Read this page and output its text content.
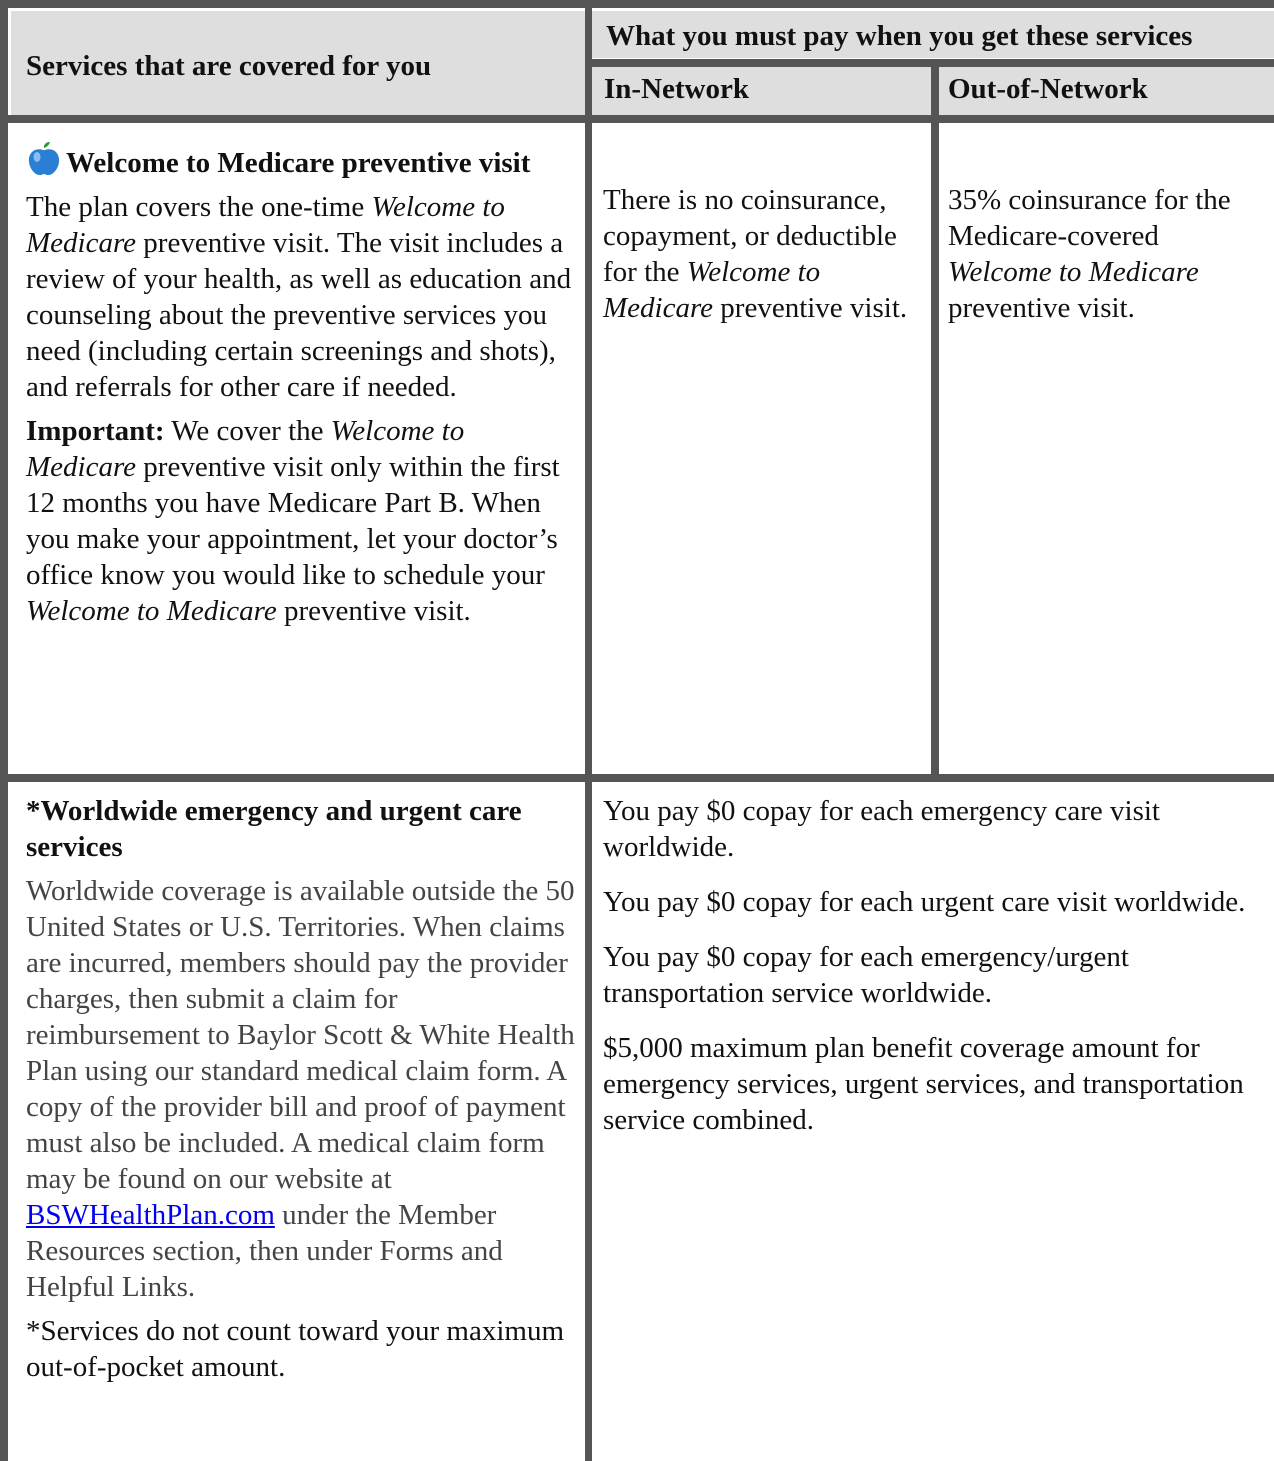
Services that are covered for you
What you must pay when you get these services
In-Network	Out-of-Network

Welcome to Medicare preventive visit

The plan covers the one-time Welcome to Medicare preventive visit. The visit includes a review of your health, as well as education and counseling about the preventive services you need (including certain screenings and shots), and referrals for other care if needed.

Important: We cover the Welcome to Medicare preventive visit only within the first 12 months you have Medicare Part B. When you make your appointment, let your doctor’s office know you would like to schedule your Welcome to Medicare preventive visit.

There is no coinsurance, copayment, or deductible for the Welcome to Medicare preventive visit.

35% coinsurance for the Medicare-covered Welcome to Medicare preventive visit.

*Worldwide emergency and urgent care services

Worldwide coverage is available outside the 50 United States or U.S. Territories. When claims are incurred, members should pay the provider charges, then submit a claim for reimbursement to Baylor Scott & White Health Plan using our standard medical claim form. A copy of the provider bill and proof of payment must also be included. A medical claim form may be found on our website at BSWHealthPlan.com under the Member Resources section, then under Forms and Helpful Links.

*Services do not count toward your maximum out-of-pocket amount.

You pay $0 copay for each emergency care visit worldwide.

You pay $0 copay for each urgent care visit worldwide.

You pay $0 copay for each emergency/urgent transportation service worldwide.

$5,000 maximum plan benefit coverage amount for emergency services, urgent services, and transportation service combined.
